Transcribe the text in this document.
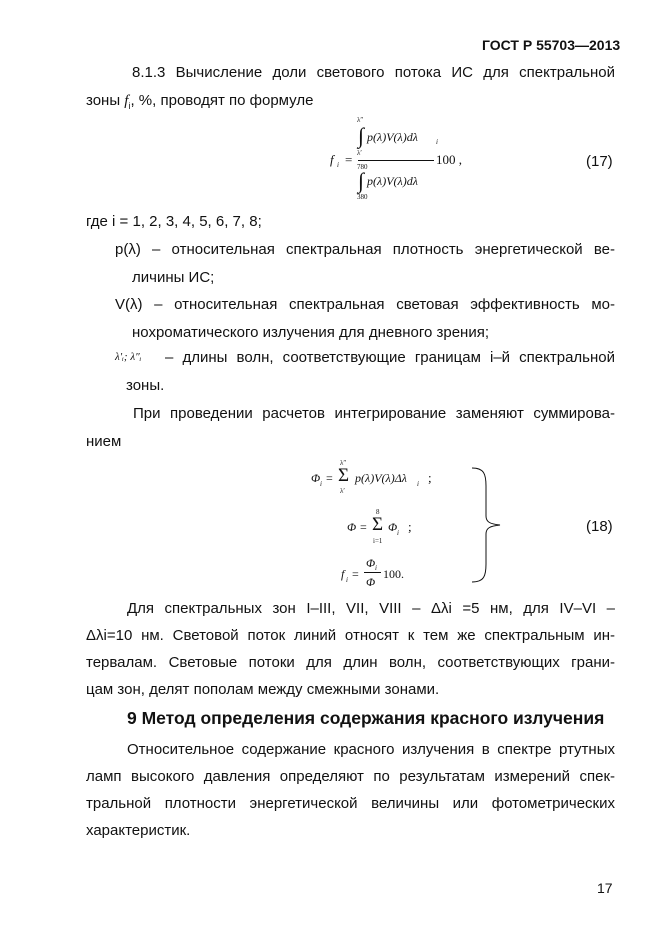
ГОСТ Р 55703—2013
8.1.3 Вычисление доли светового потока ИС для спектральной
зоны $f_i$, %, проводят по формуле
f i =
λ″
∫ p(λ)V(λ)dλ	i
λ′
780
∫ p(λ)V(λ)dλ
380
100 ,	(17)
где i = 1, 2, 3, 4, 5, 6, 7, 8;
p(λ) – относительная спектральная плотность энергетической ве-
личины ИС;
V(λ) – относительная спектральная световая эффективность мо-
нохроматического излучения для дневного зрения;
λ′ᵢ; λ″ᵢ – длины волн, соответствующие границам i–й спектральной
зоны.
При проведении расчетов интегрирование заменяют суммирова-
нием
Φ i =
λ″
Σ
λ′
p(λ)V(λ)Δλ i ;
Φ =
8
Σ
i=1
Φ i ;
f i =
Φ i
Φ
100.
(18)
Для спектральных зон I–III, VII, VIII – Δλi =5 нм, для IV–VI –
Δλi=10 нм. Световой поток линий относят к тем же спектральным ин-
тервалам. Световые потоки для длин волн, соответствующих грани-
цам зон, делят пополам между смежными зонами.
9 Метод определения содержания красного излучения
Относительное содержание красного излучения в спектре ртутных
ламп высокого давления определяют по результатам измерений спек-
тральной плотности энергетической величины или фотометрических
характеристик.
17
